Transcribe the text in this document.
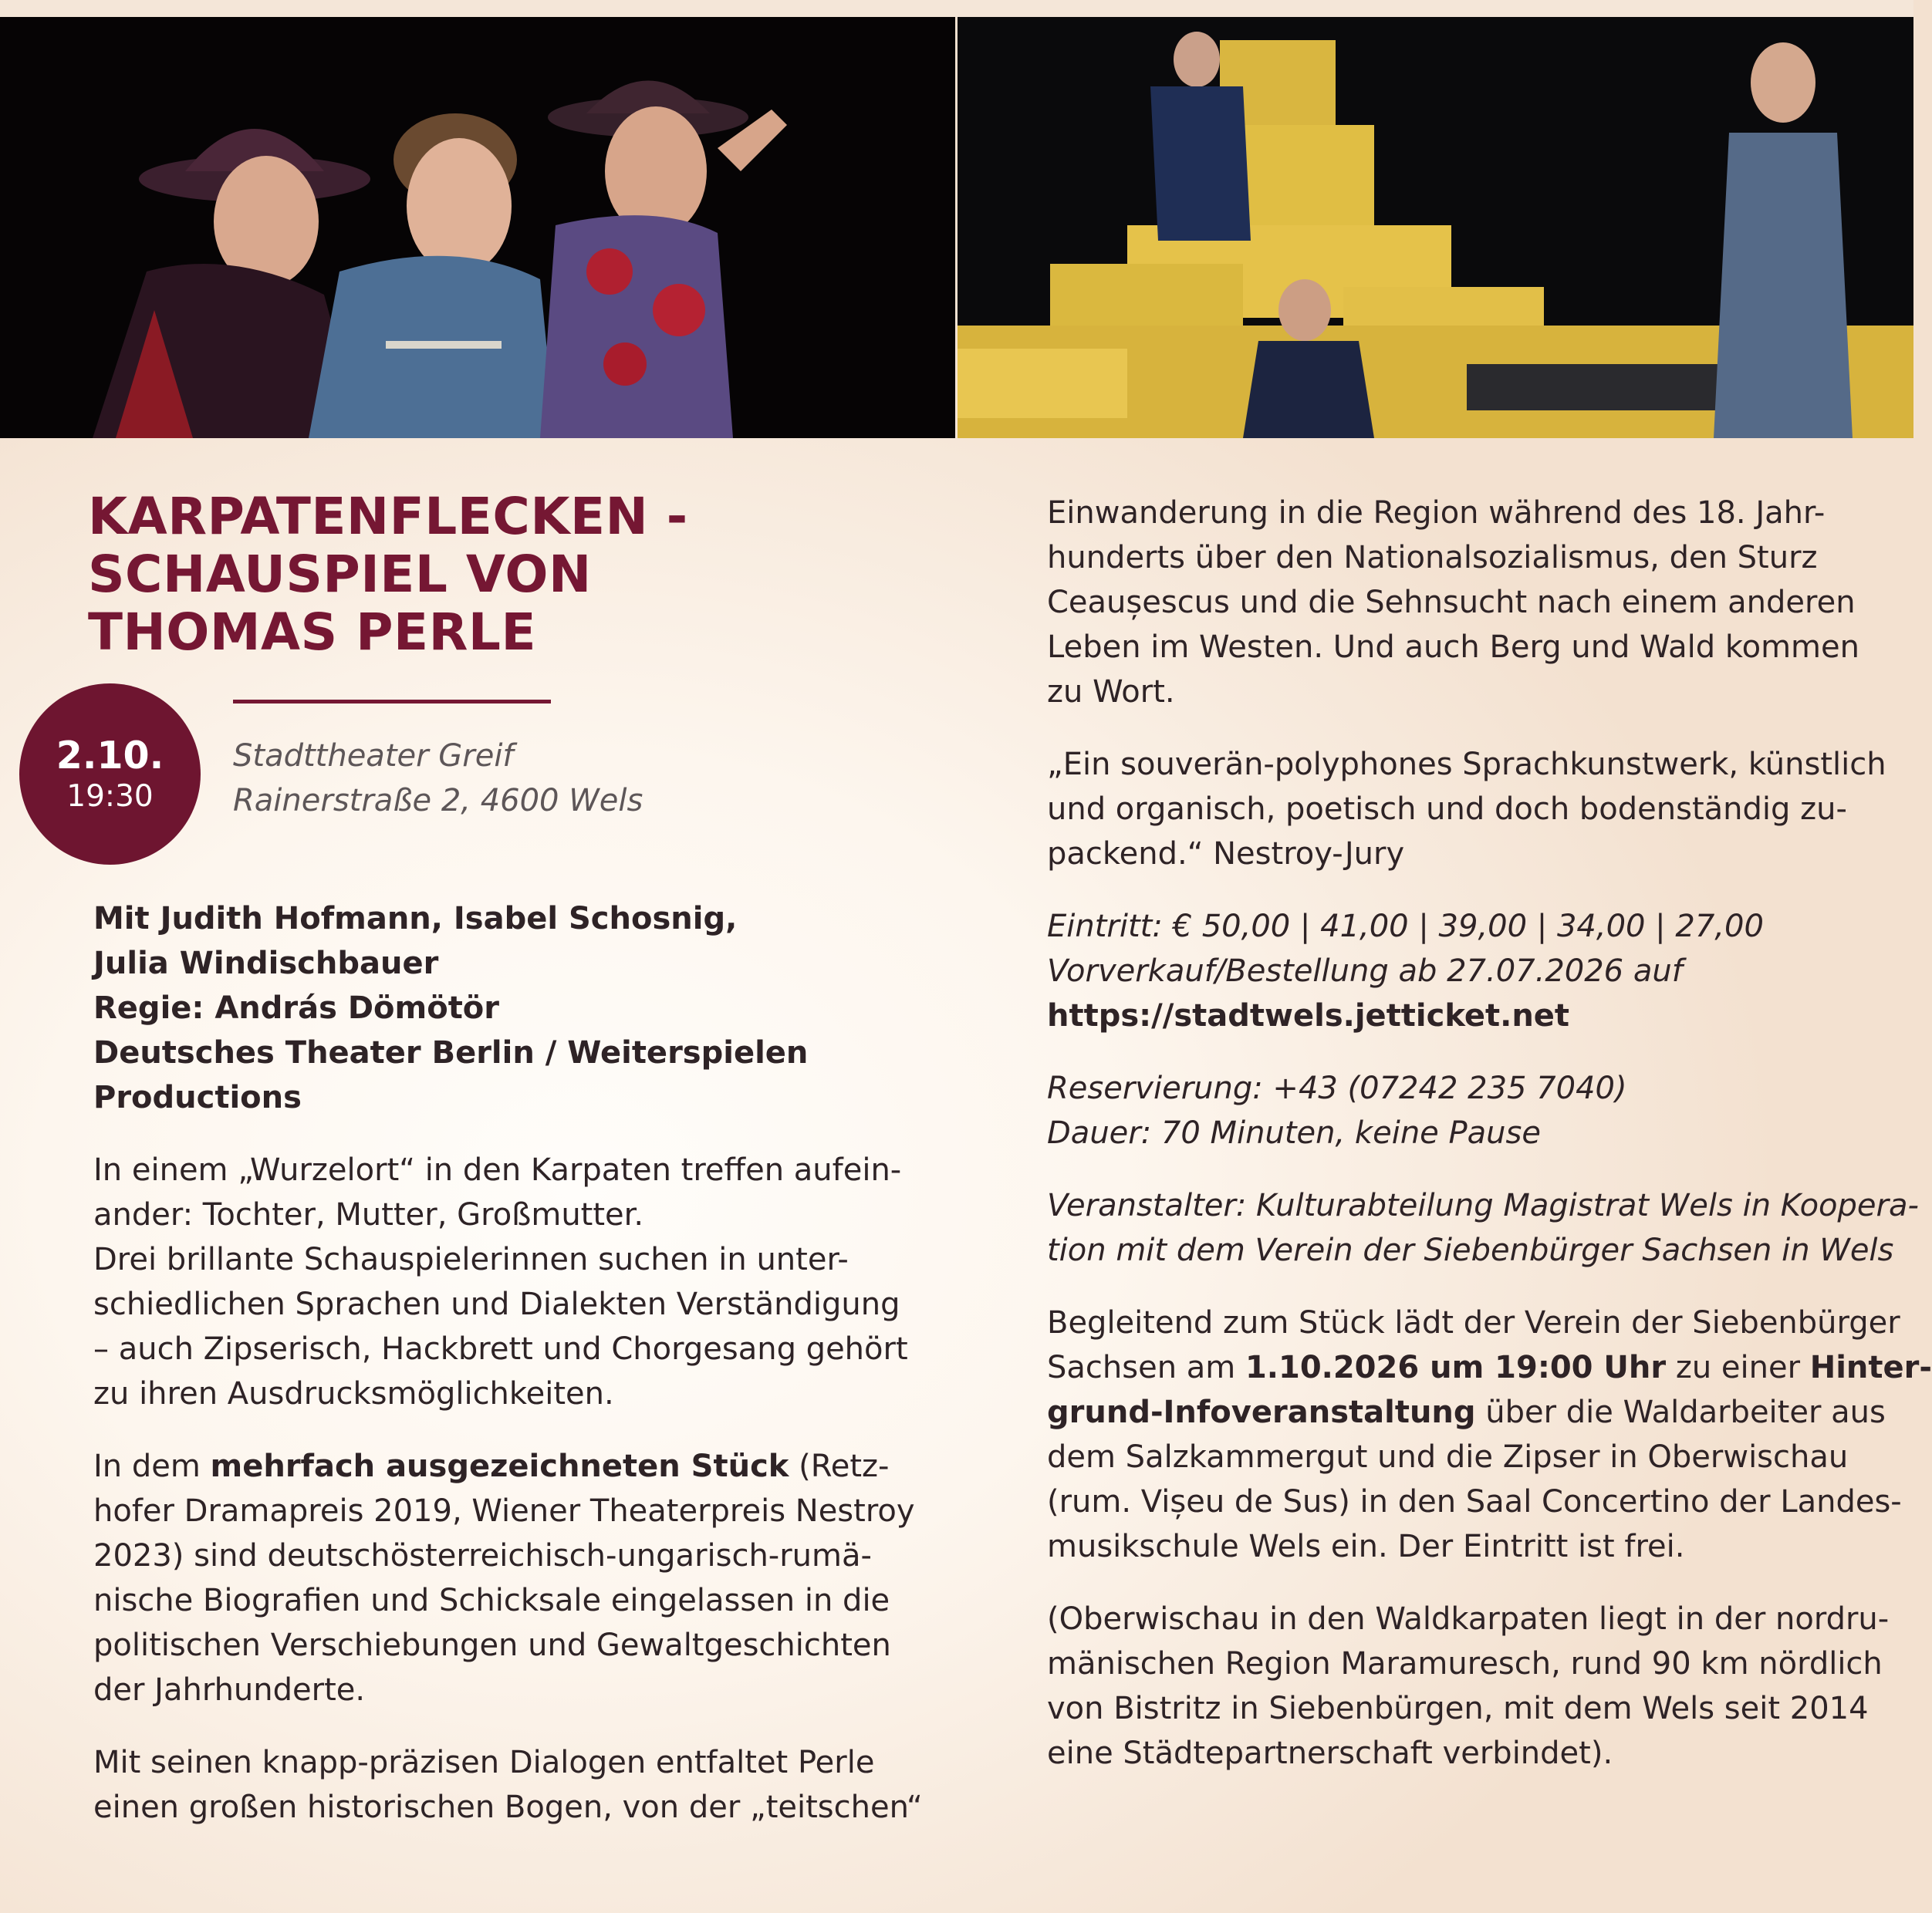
KARPATENFLECKEN -
SCHAUSPIEL VON
THOMAS PERLE
2.10.
19:30
Stadttheater Greif
Rainerstraße 2, 4600 Wels

Mit Judith Hofmann, Isabel Schosnig,
Julia Windischbauer
Regie: András Dömötör
Deutsches Theater Berlin / Weiterspielen
Productions

In einem „Wurzelort“ in den Karpaten treffen aufein-
ander: Tochter, Mutter, Großmutter.
Drei brillante Schauspielerinnen suchen in unter-
schiedlichen Sprachen und Dialekten Verständigung
– auch Zipserisch, Hackbrett und Chorgesang gehört
zu ihren Ausdrucksmöglichkeiten.

In dem mehrfach ausgezeichneten Stück (Retz-
hofer Dramapreis 2019, Wiener Theaterpreis Nestroy
2023) sind deutschösterreichisch-ungarisch-rumä-
nische Biografien und Schicksale eingelassen in die
politischen Verschiebungen und Gewaltgeschichten
der Jahrhunderte.

Mit seinen knapp-präzisen Dialogen entfaltet Perle
einen großen historischen Bogen, von der „teitschen“

Einwanderung in die Region während des 18. Jahr-
hunderts über den Nationalsozialismus, den Sturz
Ceaușescus und die Sehnsucht nach einem anderen
Leben im Westen. Und auch Berg und Wald kommen
zu Wort.

„Ein souverän-polyphones Sprachkunstwerk, künstlich
und organisch, poetisch und doch bodenständig zu-
packend.“ Nestroy-Jury

Eintritt: € 50,00 | 41,00 | 39,00 | 34,00 | 27,00
Vorverkauf/Bestellung ab 27.07.2026 auf
https://stadtwels.jetticket.net

Reservierung: +43 (07242 235 7040)
Dauer: 70 Minuten, keine Pause

Veranstalter: Kulturabteilung Magistrat Wels in Koopera-
tion mit dem Verein der Siebenbürger Sachsen in Wels

Begleitend zum Stück lädt der Verein der Siebenbürger
Sachsen am 1.10.2026 um 19:00 Uhr zu einer Hinter-
grund-Infoveranstaltung über die Waldarbeiter aus
dem Salzkammergut und die Zipser in Oberwischau
(rum. Vișeu de Sus) in den Saal Concertino der Landes-
musikschule Wels ein. Der Eintritt ist frei.

(Oberwischau in den Waldkarpaten liegt in der nordru-
mänischen Region Maramuresch, rund 90 km nördlich
von Bistritz in Siebenbürgen, mit dem Wels seit 2014
eine Städtepartnerschaft verbindet).
